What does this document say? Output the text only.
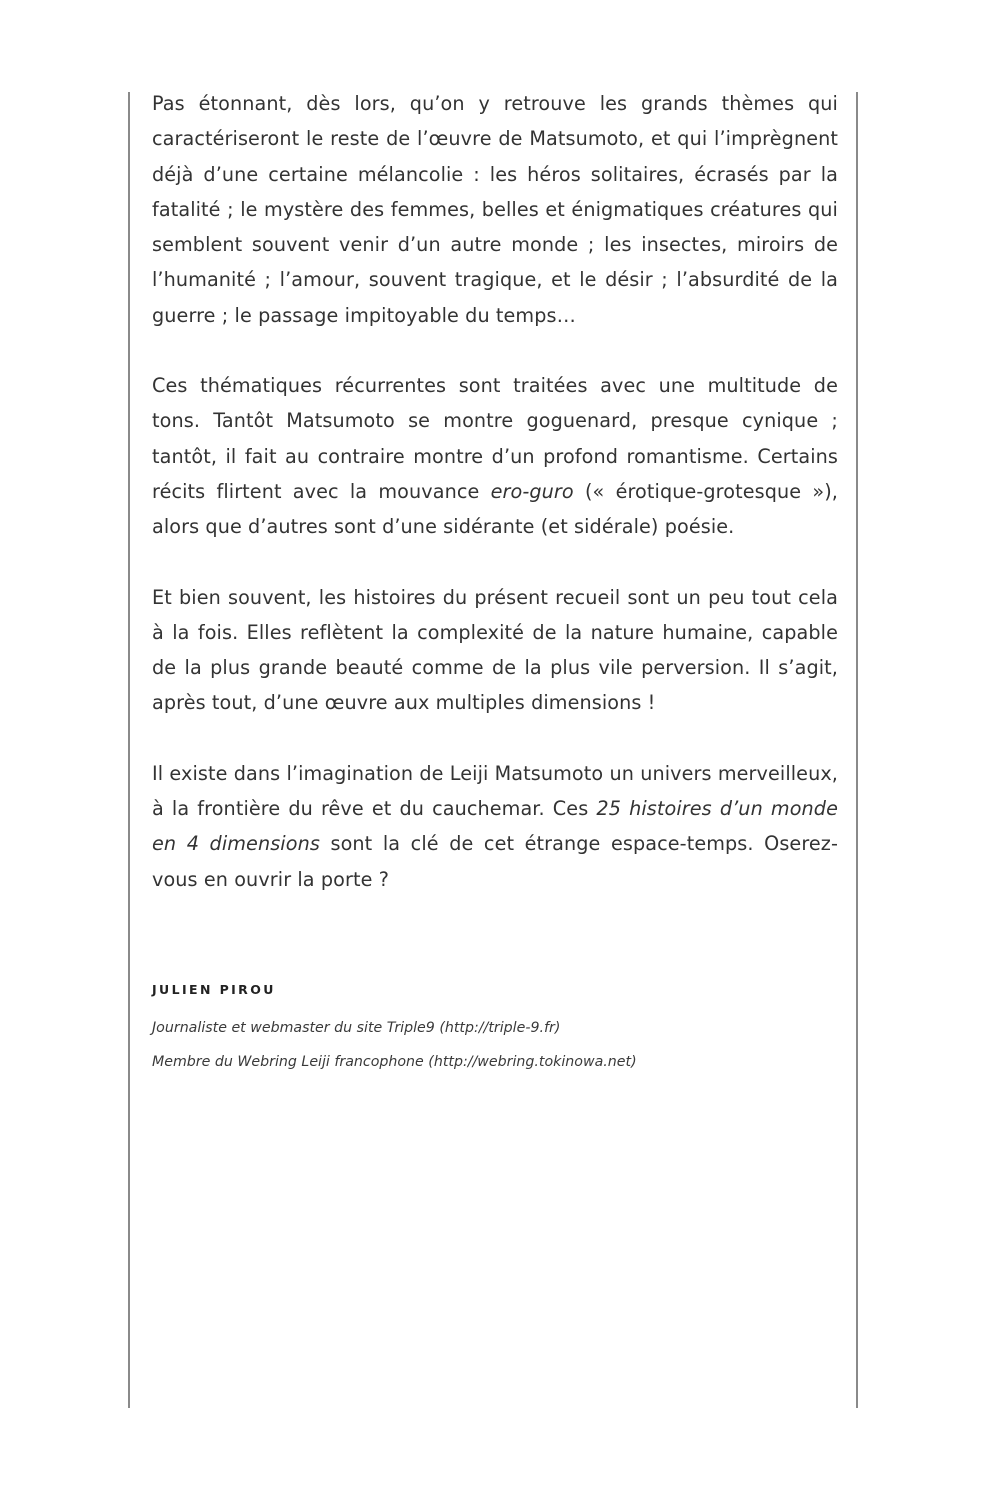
Pas étonnant, dès lors, qu’on y retrouve les grands thèmes qui caractériseront le reste de l’œuvre de Matsumoto, et qui l’imprègnent déjà d’une certaine mélancolie : les héros solitaires, écrasés par la fatalité ; le mystère des femmes, belles et énigmatiques créatures qui semblent souvent venir d’un autre monde ; les insectes, miroirs de l’humanité ; l’amour, souvent tragique, et le désir ; l’absurdité de la guerre ; le passage impitoyable du temps…

Ces thématiques récurrentes sont traitées avec une multitude de tons. Tantôt Matsumoto se montre goguenard, presque cynique ; tantôt, il fait au contraire montre d’un profond romantisme. Certains récits flirtent avec la mouvance ero-guro (« érotique-grotesque »), alors que d’autres sont d’une sidérante (et sidérale) poésie.

Et bien souvent, les histoires du présent recueil sont un peu tout cela à la fois. Elles reflètent la complexité de la nature humaine, capable de la plus grande beauté comme de la plus vile perversion. Il s’agit, après tout, d’une œuvre aux multiples dimensions !

Il existe dans l’imagination de Leiji Matsumoto un univers merveilleux, à la frontière du rêve et du cauchemar. Ces 25 histoires d’un monde en 4 dimensions sont la clé de cet étrange espace-temps. Oserez-vous en ouvrir la porte ?

JULIEN PIROU

Journaliste et webmaster du site Triple9 (http://triple-9.fr)

Membre du Webring Leiji francophone (http://webring.tokinowa.net)
